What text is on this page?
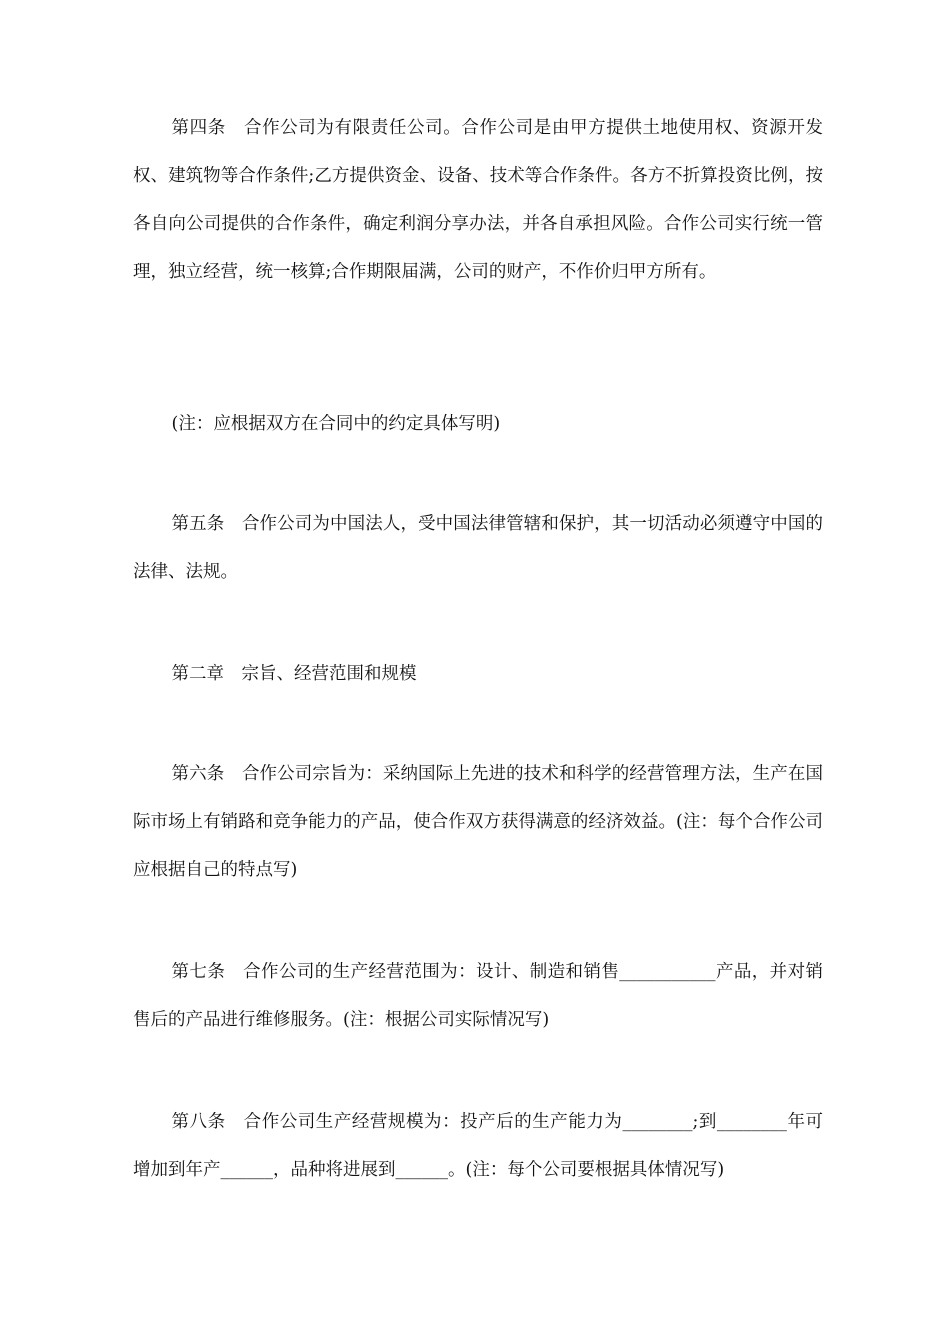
第四条　合作公司为有限责任公司。合作公司是由甲方提供土地使用权、资源开发权、建筑物等合作条件;乙方提供资金、设备、技术等合作条件。各方不折算投资比例，按各自向公司提供的合作条件，确定利润分享办法，并各自承担风险。合作公司实行统一管理，独立经营，统一核算;合作期限届满，公司的财产，不作价归甲方所有。

(注：应根据双方在合同中的约定具体写明)

第五条　合作公司为中国法人，受中国法律管辖和保护，其一切活动必须遵守中国的法律、法规。

第二章　宗旨、经营范围和规模

第六条　合作公司宗旨为：采纳国际上先进的技术和科学的经营管理方法，生产在国际市场上有销路和竞争能力的产品，使合作双方获得满意的经济效益。(注：每个合作公司应根据自己的特点写)

第七条　合作公司的生产经营范围为：设计、制造和销售___________产品，并对销售后的产品进行维修服务。(注：根据公司实际情况写)

第八条　合作公司生产经营规模为：投产后的生产能力为________;到________年可增加到年产______，品种将进展到______。(注：每个公司要根据具体情况写)
